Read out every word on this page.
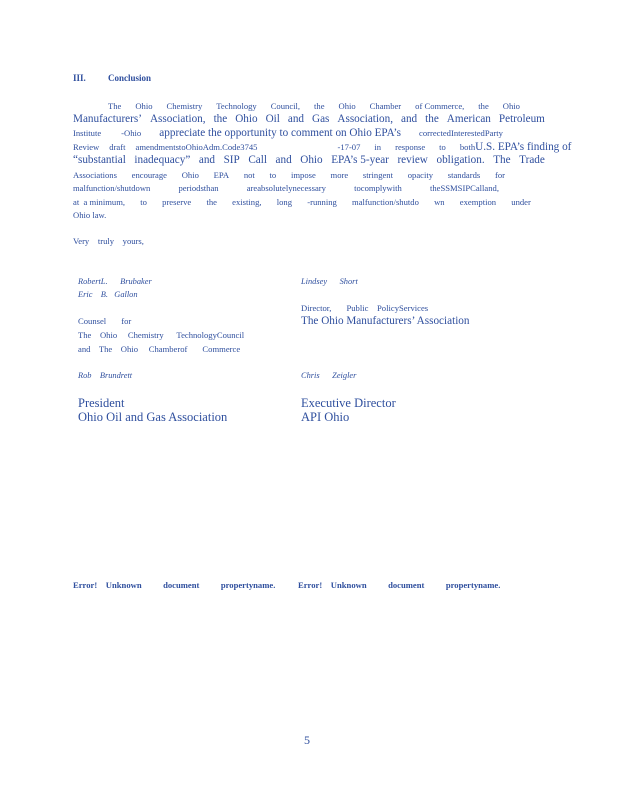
III. Conclusion
The Ohio Chemistry Technology Council, the Ohio Chamber of Commerce, the Ohio
Manufacturers’ Association, the Ohio Oil and Gas Association, and the American Petroleum
Institute -Ohio appreciate the opportunity to comment on Ohio EPA’s correctedInterestedParty
Review draft amendmentstoOhioAdm.Code3745	-17-07 in response to both U.S. EPA’s finding of
“substantial inadequacy” and SIP Call and Ohio EPA’s 5-year review obligation. The Trade
Associations encourage Ohio EPA not to impose more stringent opacity standards for
malfunction/shutdown	periodsthan	areabsolutelynecessary	tocomplywith	theSSMSIPCalland,
at  a minimum, to preserve the existing, long -running malfunction/shutdo wn exemption under
Ohio law.
Very    truly    yours,
RobertL.      Brubaker
Eric    B.   Gallon
Counsel       for
The    Ohio     Chemistry      TechnologyCouncil
and    The    Ohio     Chamberof       Commerce
Lindsey      Short
Director,       Public    PolicyServices
The Ohio Manufacturers’ Association
Rob    Brundrett
President
Ohio Oil and Gas Association
Chris      Zeigler
Executive Director
API Ohio
Error!    Unknown          document          propertyname.	Error!    Unknown          document          propertyname.
5
